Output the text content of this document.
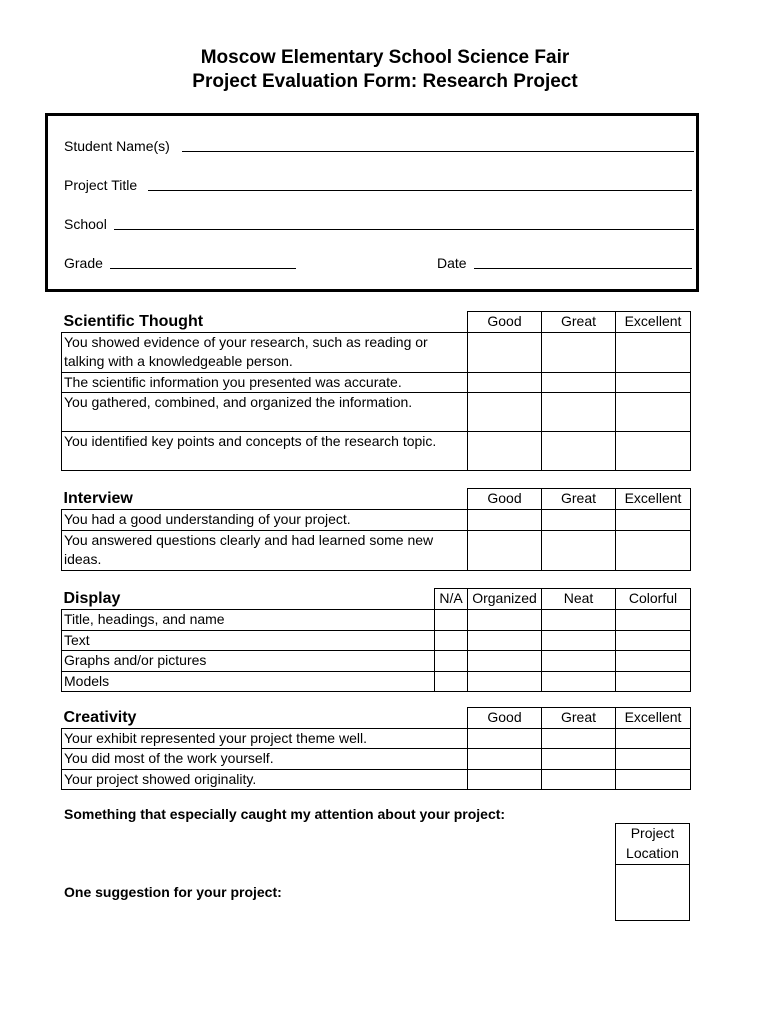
Moscow Elementary School Science Fair
Project Evaluation Form: Research Project
Student Name(s)
Project Title
School
Grade	Date
Scientific Thought	Good	Great	Excellent
You showed evidence of your research, such as reading or talking with a knowledgeable person.			
The scientific information you presented was accurate.			
You gathered, combined, and organized the information.			
You identified key points and concepts of the research topic.			
Interview	Good	Great	Excellent
You had a good understanding of your project.			
You answered questions clearly and had learned some new ideas.			
Display	N/A	Organized	Neat	Colorful
Title, headings, and name				
Text				
Graphs and/or pictures				
Models				
Creativity	Good	Great	Excellent
Your exhibit represented your project theme well.			
You did most of the work yourself.			
Your project showed originality.			
Something that especially caught my attention about your project:
One suggestion for your project:
Project
Location
